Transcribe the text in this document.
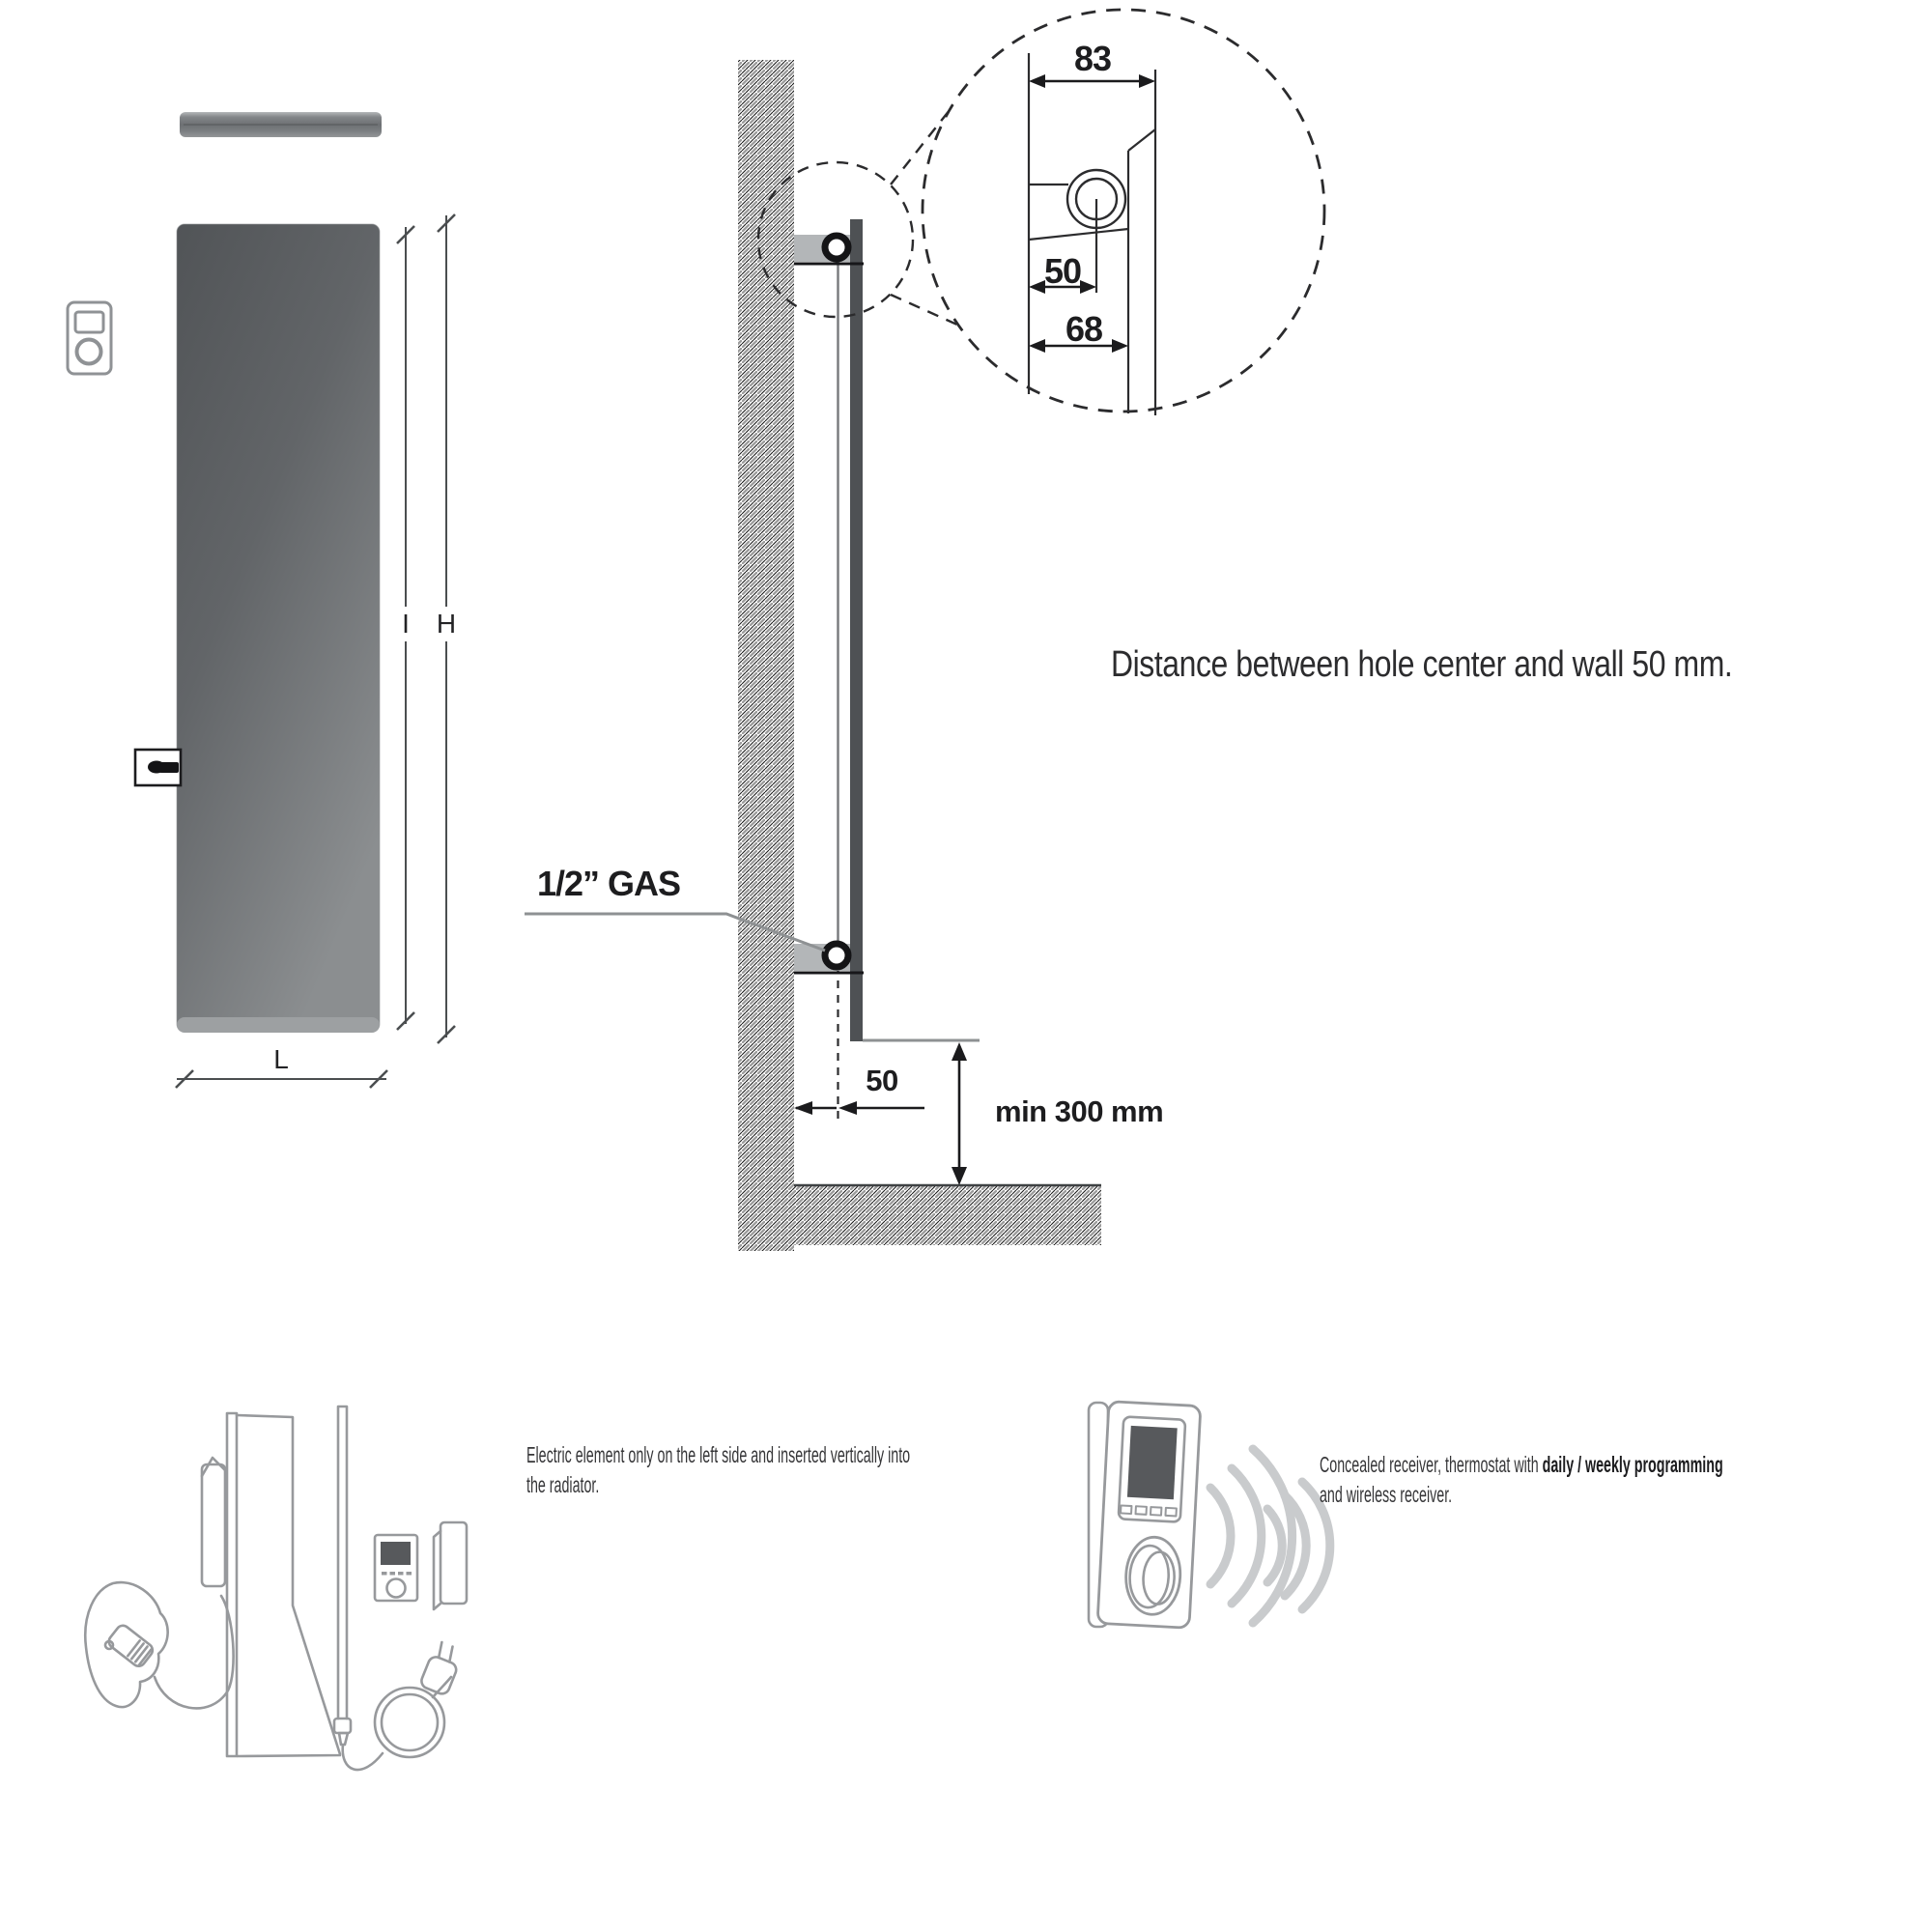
83
50
68
1/2” GAS
50
min 300 mm
I H
L
Distance between hole center and wall 50 mm.
Electric element only on the left side and inserted vertically into
the radiator.
Concealed receiver, thermostat with daily / weekly programming
and wireless receiver.
